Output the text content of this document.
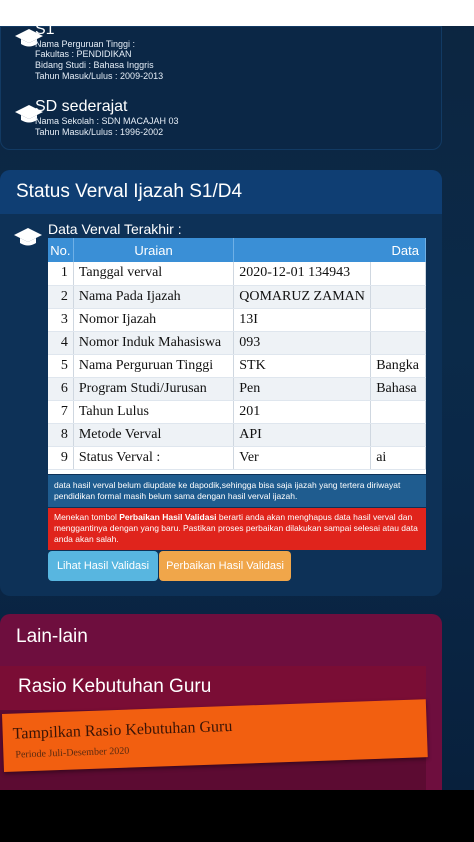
S1
Nama Perguruan Tinggi :
Fakultas : PENDIDIKAN
Bidang Studi : Bahasa Inggris
Tahun Masuk/Lulus : 2009-2013
SD sederajat
Nama Sekolah : SDN MACAJAH 03
Tahun Masuk/Lulus : 1996-2002
Status Verval Ijazah S1/D4
Data Verval Terakhir :
No.	Uraian	Data	
1	Tanggal verval	2020-12-01 134943	
2	Nama Pada Ijazah	QOMARUZ ZAMAN	
3	Nomor Ijazah	13I	
4	Nomor Induk Mahasiswa	093	
5	Nama Perguruan Tinggi	STK	Bangka
6	Program Studi/Jurusan	Pen	Bahasa
7	Tahun Lulus	201	
8	Metode Verval	API	
9	Status Verval :	Ver	ai
data hasil verval belum diupdate ke dapodik,sehingga bisa saja ijazah yang tertera diriwayat pendidikan formal masih belum sama dengan hasil verval ijazah.
Menekan tombol Perbaikan Hasil Validasi berarti anda akan menghapus data hasil verval dan menggantinya dengan yang baru. Pastikan proses perbaikan dilakukan sampai selesai atau data anda akan salah.
Lihat Hasil Validasi	Perbaikan Hasil Validasi
Lain-lain
Rasio Kebutuhan Guru
Tampilkan Rasio Kebutuhan Guru
Periode Juli-Desember 2020
